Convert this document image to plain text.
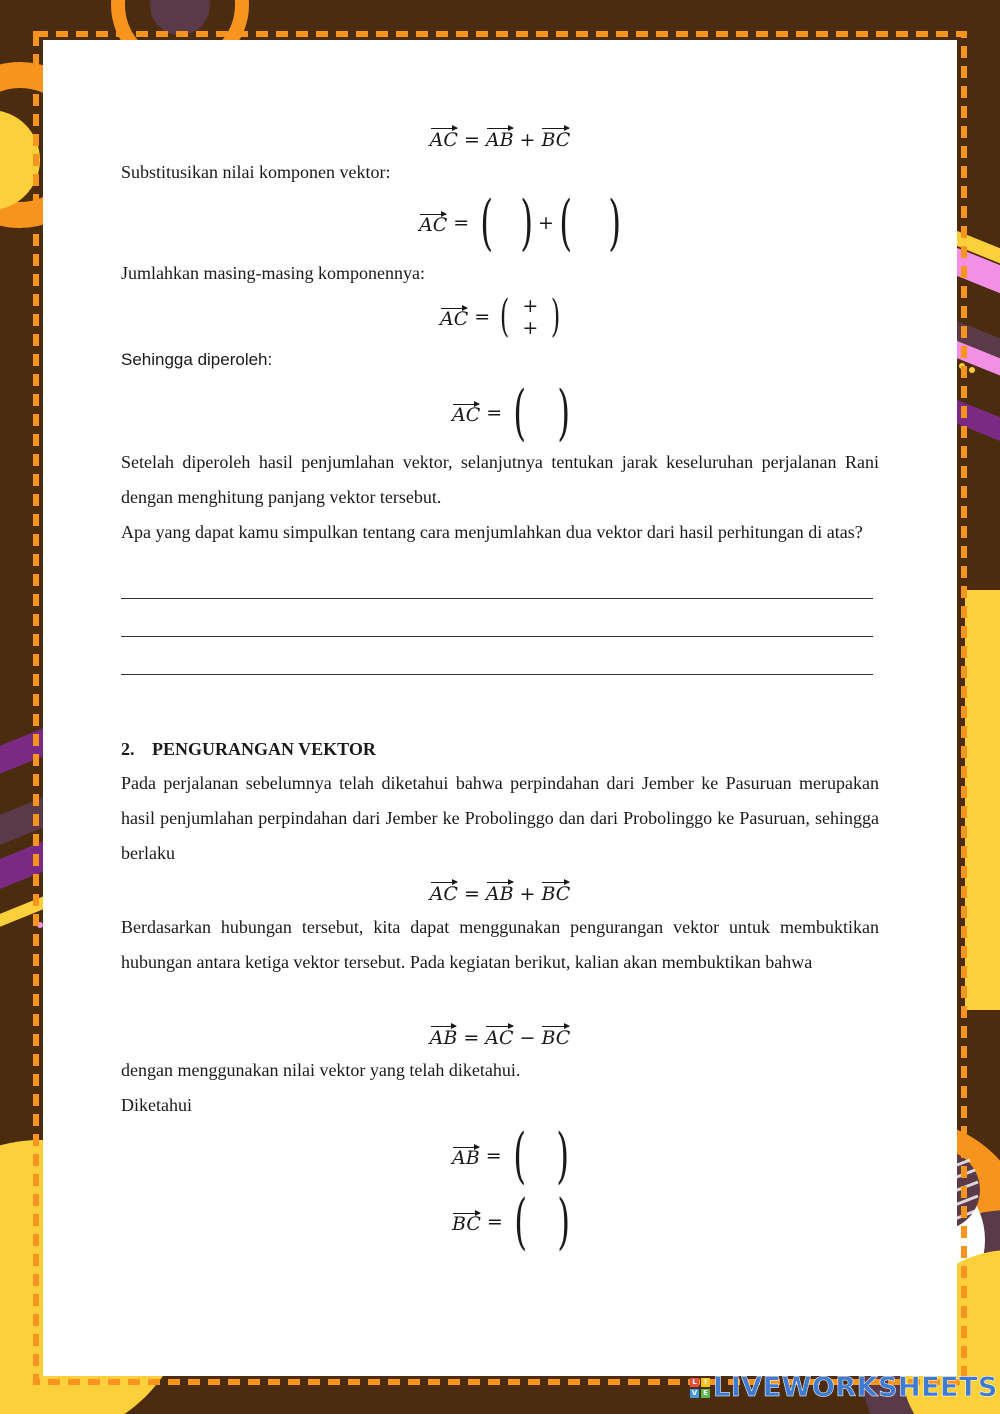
AC = AB + BC

Substitusikan nilai komponen vektor:

AC = ( ) + ( )

Jumlahkan masing-masing komponennya:

AC = ( +
+ )

Sehingga diperoleh:

AC = ( )

Setelah diperoleh hasil penjumlahan vektor, selanjutnya tentukan jarak keseluruhan perjalanan Rani dengan menghitung panjang vektor tersebut.

Apa yang dapat kamu simpulkan tentang cara menjumlahkan dua vektor dari hasil perhitungan di atas?

2. PENGURANGAN VEKTOR

Pada perjalanan sebelumnya telah diketahui bahwa perpindahan dari Jember ke Pasuruan merupakan hasil penjumlahan perpindahan dari Jember ke Probolinggo dan dari Probolinggo ke Pasuruan, sehingga berlaku

AC = AB + BC

Berdasarkan hubungan tersebut, kita dapat menggunakan pengurangan vektor untuk membuktikan hubungan antara ketiga vektor tersebut. Pada kegiatan berikut, kalian akan membuktikan bahwa

AB = AC − BC

dengan menggunakan nilai vektor yang telah diketahui.

Diketahui

AB = ( )
BC = ( )
L	I
V E LIVEWORKSHEETS
